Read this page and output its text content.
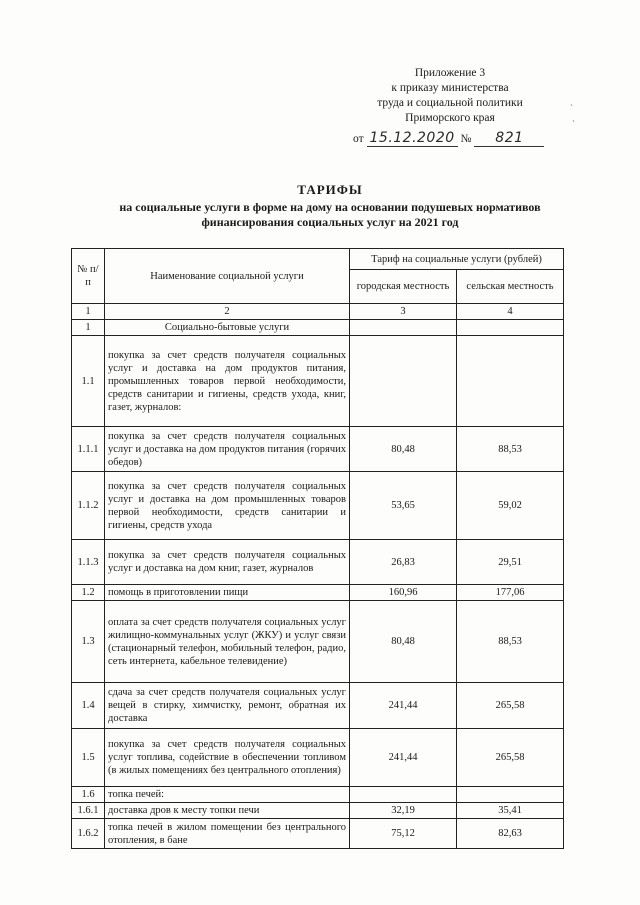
Приложение 3
к приказу министерства
труда и социальной политики
Приморского края
от 15.12.2020 № 821
ˏ
ˏ
ТАРИФЫ
на социальные услуги в форме на дому на основании подушевых нормативов
финансирования социальных услуг на 2021 год
№ п/п	Наименование социальной услуги	Тариф на социальные услуги (рублей)	
		городская местность	сельская местность
1	2	3	4
1	Социально-бытовые услуги		
1.1	покупка за счет средств получателя социальных услуг и доставка на дом продуктов питания, промышленных товаров первой необходимости, средств санитарии и гигиены, средств ухода, книг, газет, журналов:		
1.1.1	покупка за счет средств получателя социальных услуг и доставка на дом продуктов питания (горячих обедов)	80,48	88,53
1.1.2	покупка за счет средств получателя социальных услуг и доставка на дом промышленных товаров первой необходимости, средств санитарии и гигиены, средств ухода	53,65	59,02
1.1.3	покупка за счет средств получателя социальных услуг и доставка на дом книг, газет, журналов	26,83	29,51
1.2	помощь в приготовлении пищи	160,96	177,06
1.3	оплата за счет средств получателя социальных услуг жилищно-коммунальных услуг (ЖКУ) и услуг связи (стационарный телефон, мобильный телефон, радио, сеть интернета, кабельное телевидение)	80,48	88,53
1.4	сдача за счет средств получателя социальных услуг вещей в стирку, химчистку, ремонт, обратная их доставка	241,44	265,58
1.5	покупка за счет средств получателя социальных услуг топлива, содействие в обеспечении топливом (в жилых помещениях без центрального отопления)	241,44	265,58
1.6	топка печей:		
1.6.1	доставка дров к месту топки печи	32,19	35,41
1.6.2	топка печей в жилом помещении без центрального отопления, в бане	75,12	82,63
